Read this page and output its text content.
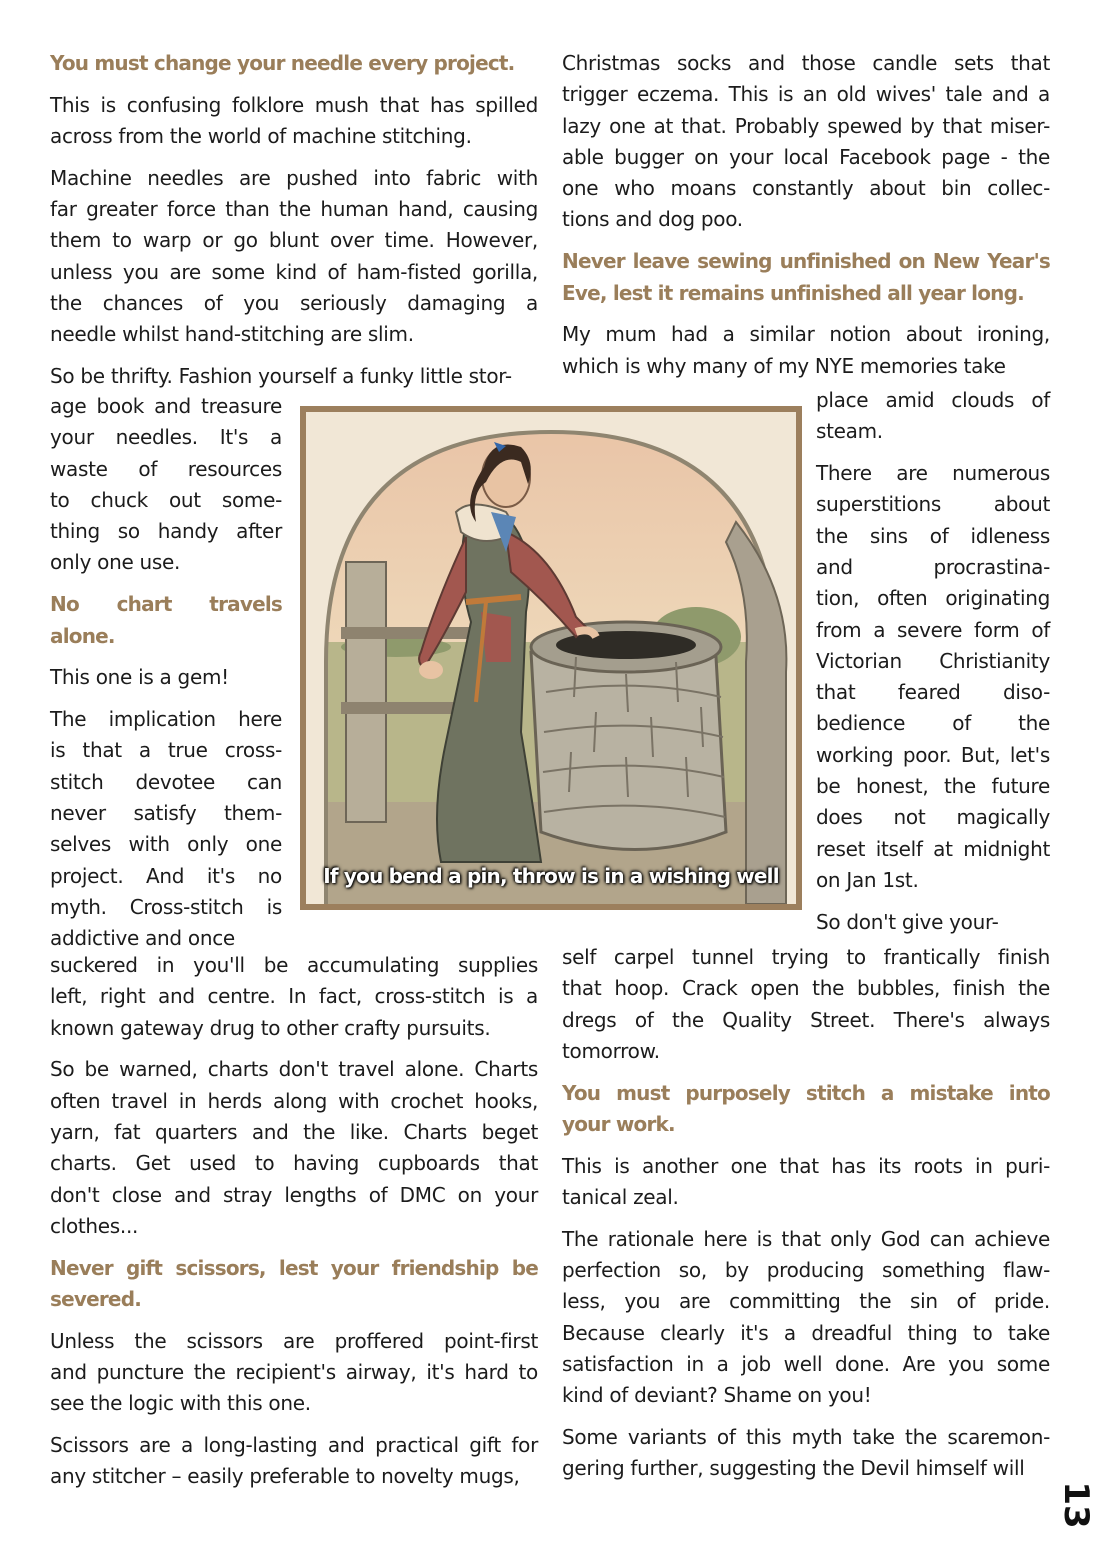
You must change your needle every project.

This is confusing folklore mush that has spilled
across from the world of machine stitching.

Machine needles are pushed into fabric with
far greater force than the human hand, causing
them to warp or go blunt over time. However,
unless you are some kind of ham-fisted gorilla,
the chances of you seriously damaging a
needle whilst hand-stitching are slim.

So be thrifty. Fashion yourself a funky little stor-

age book and treasure
your needles. It's a
waste of resources
to chuck out some-
thing so handy after
only one use.

No chart travels
alone.

This one is a gem!

The implication here
is that a true cross-
stitch devotee can
never satisfy them-
selves with only one
project. And it's no
myth. Cross-stitch is
addictive and once

suckered in you'll be accumulating supplies
left, right and centre. In fact, cross-stitch is a
known gateway drug to other crafty pursuits.

So be warned, charts don't travel alone. Charts
often travel in herds along with crochet hooks,
yarn, fat quarters and the like. Charts beget
charts. Get used to having cupboards that
don't close and stray lengths of DMC on your
clothes...

Never gift scissors, lest your friendship be
severed.

Unless the scissors are proffered point-first
and puncture the recipient's airway, it's hard to
see the logic with this one.

Scissors are a long-lasting and practical gift for
any stitcher – easily preferable to novelty mugs,

Christmas socks and those candle sets that
trigger eczema. This is an old wives' tale and a
lazy one at that. Probably spewed by that miser-
able bugger on your local Facebook page - the
one who moans constantly about bin collec-
tions and dog poo.

Never leave sewing unfinished on New Year's
Eve, lest it remains unfinished all year long.

My mum had a similar notion about ironing,
which is why many of my NYE memories take

place amid clouds of
steam.

There are numerous
superstitions about
the sins of idleness
and procrastina-
tion, often originating
from a severe form of
Victorian Christianity
that feared diso-
bedience of the
working poor. But, let's
be honest, the future
does not magically
reset itself at midnight
on Jan 1st.

So don't give your-

self carpel tunnel trying to frantically finish
that hoop. Crack open the bubbles, finish the
dregs of the Quality Street. There's always
tomorrow.

You must purposely stitch a mistake into
your work.

This is another one that has its roots in puri-
tanical zeal.

The rationale here is that only God can achieve
perfection so, by producing something flaw-
less, you are committing the sin of pride.
Because clearly it's a dreadful thing to take
satisfaction in a job well done. Are you some
kind of deviant? Shame on you!

Some variants of this myth take the scaremon-
gering further, suggesting the Devil himself will

If you bend a pin, throw is in a wishing well
13
